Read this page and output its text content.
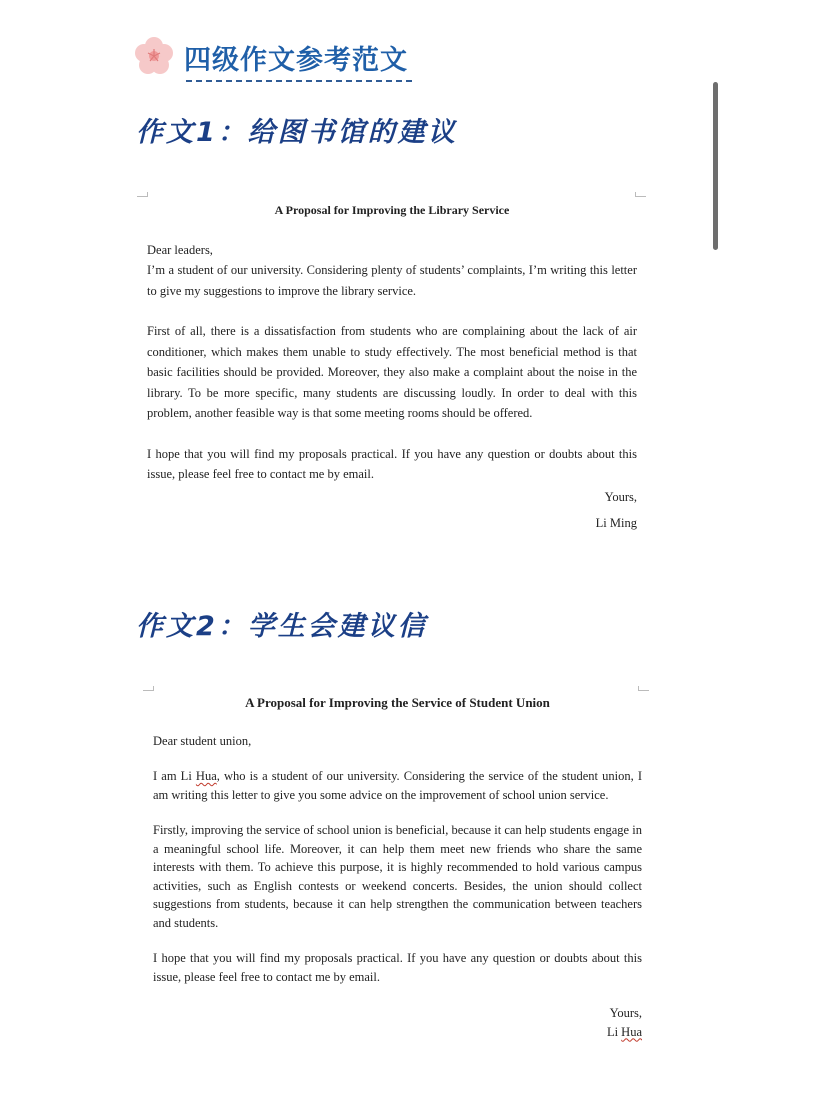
四级作文参考范文
作文1：给图书馆的建议

A Proposal for Improving the Library Service

Dear leaders,

I’m a student of our university. Considering plenty of students’ complaints, I’m writing this letter to give my suggestions to improve the library service.

First of all, there is a dissatisfaction from students who are complaining about the lack of air conditioner, which makes them unable to study effectively. The most beneficial method is that basic facilities should be provided. Moreover, they also make a complaint about the noise in the library. To be more specific, many students are discussing loudly. In order to deal with this problem, another feasible way is that some meeting rooms should be offered.

I hope that you will find my proposals practical. If you have any question or doubts about this issue, please feel free to contact me by email.

Yours,

Li Ming

作文2：学生会建议信

A Proposal for Improving the Service of Student Union

Dear student union,

I am Li Hua, who is a student of our university. Considering the service of the student union, I am writing this letter to give you some advice on the improvement of school union service.

Firstly, improving the service of school union is beneficial, because it can help students engage in a meaningful school life. Moreover, it can help them meet new friends who share the same interests with them. To achieve this purpose, it is highly recommended to hold various campus activities, such as English contests or weekend concerts. Besides, the union should collect suggestions from students, because it can help strengthen the communication between teachers and students.

I hope that you will find my proposals practical. If you have any question or doubts about this issue, please feel free to contact me by email.

Yours,

Li Hua
